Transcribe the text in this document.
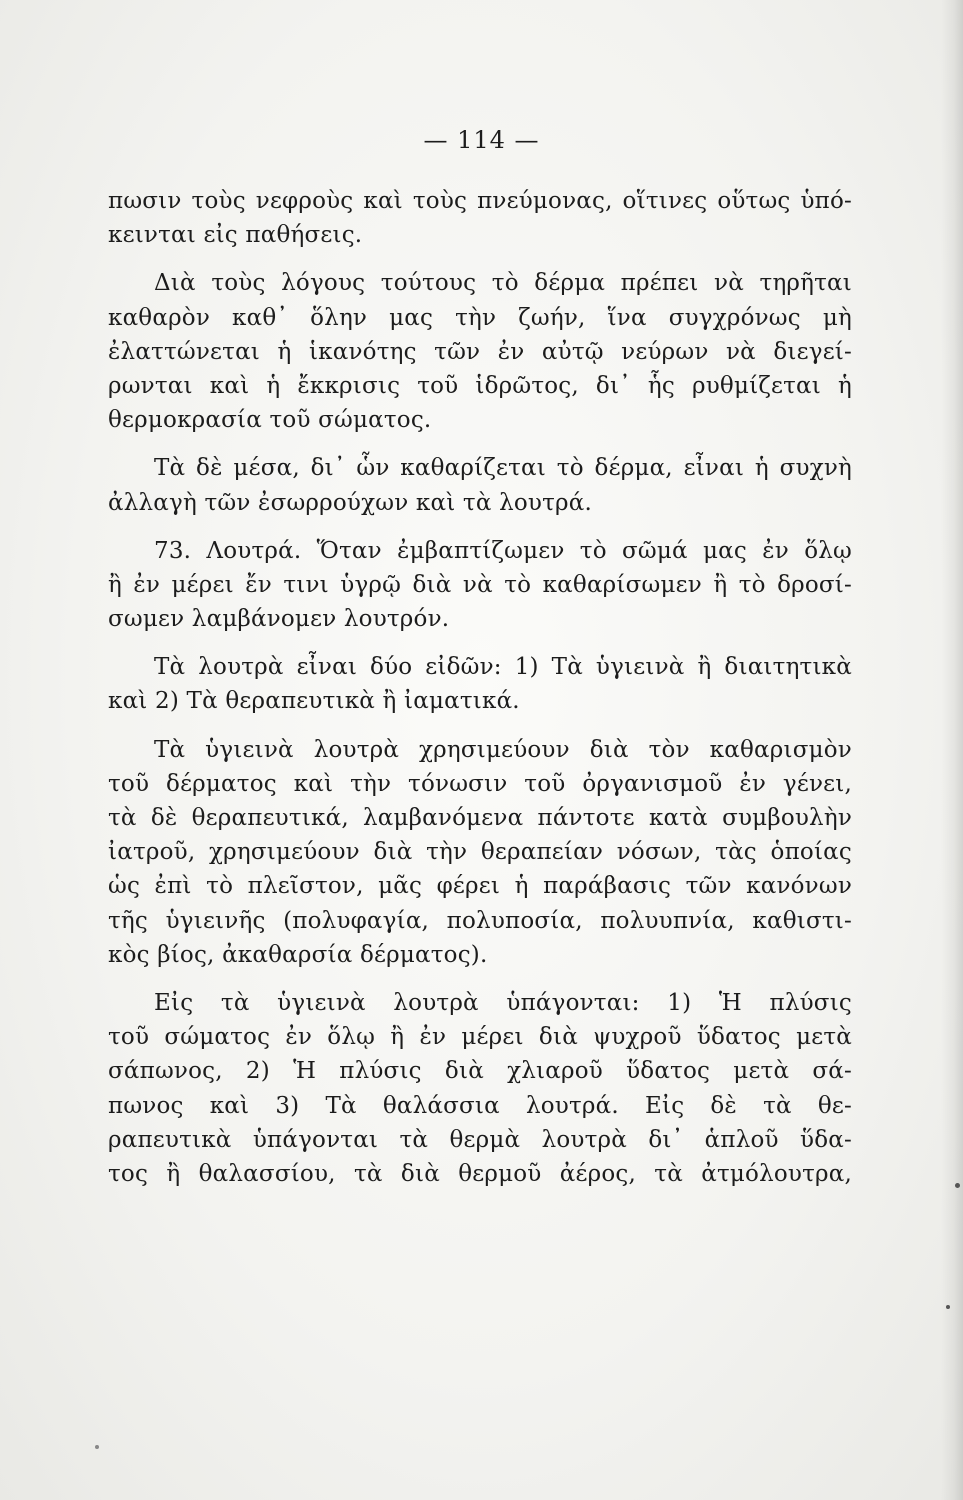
— 114 —
πωσιν τοὺς νεφροὺς καὶ τοὺς πνεύμονας, οἵτινες οὕτως ὑπό-
κεινται εἰς παθήσεις.
Διὰ τοὺς λόγους τούτους τὸ δέρμα πρέπει νὰ τηρῆται
καθαρὸν καθ᾽ ὅλην μας τὴν ζωήν, ἵνα συγχρόνως μὴ
ἐλαττώνεται ἡ ἱκανότης τῶν ἐν αὐτῷ νεύρων νὰ διεγεί-
ρωνται καὶ ἡ ἔκκρισις τοῦ ἱδρῶτος, δι᾽ ἧς ρυθμίζεται ἡ
θερμοκρασία τοῦ σώματος.
Τὰ δὲ μέσα, δι᾽ ὧν καθαρίζεται τὸ δέρμα, εἶναι ἡ συχνὴ
ἀλλαγὴ τῶν ἐσωρρούχων καὶ τὰ λουτρά.
73. Λουτρά. Ὅταν ἐμβαπτίζωμεν τὸ σῶμά μας ἐν ὅλῳ
ἢ ἐν μέρει ἔν τινι ὑγρῷ διὰ νὰ τὸ καθαρίσωμεν ἢ τὸ δροσί-
σωμεν λαμβάνομεν λουτρόν.
Τὰ λουτρὰ εἶναι δύο εἰδῶν: 1) Τὰ ὑγιεινὰ ἢ διαιτητικὰ
καὶ 2) Τὰ θεραπευτικὰ ἢ ἰαματικά.
Τὰ ὑγιεινὰ λουτρὰ χρησιμεύουν διὰ τὸν καθαρισμὸν
τοῦ δέρματος καὶ τὴν τόνωσιν τοῦ ὀργανισμοῦ ἐν γένει,
τὰ δὲ θεραπευτικά, λαμβανόμενα πάντοτε κατὰ συμβουλὴν
ἰατροῦ, χρησιμεύουν διὰ τὴν θεραπείαν νόσων, τὰς ὁποίας
ὡς ἐπὶ τὸ πλεῖστον, μᾶς φέρει ἡ παράβασις τῶν κανόνων
τῆς ὑγιεινῆς (πολυφαγία, πολυποσία, πολυυπνία, καθιστι-
κὸς βίος, ἀκαθαρσία δέρματος).
Εἰς τὰ ὑγιεινὰ λουτρὰ ὑπάγονται: 1) Ἡ πλύσις
τοῦ σώματος ἐν ὅλῳ ἢ ἐν μέρει διὰ ψυχροῦ ὕδατος μετὰ
σάπωνος, 2) Ἡ πλύσις διὰ χλιαροῦ ὕδατος μετὰ σά-
πωνος καὶ 3) Τὰ θαλάσσια λουτρά. Εἰς δὲ τὰ θε-
ραπευτικὰ ὑπάγονται τὰ θερμὰ λουτρὰ δι᾽ ἁπλοῦ ὕδα-
τος ἢ θαλασσίου, τὰ διὰ θερμοῦ ἀέρος, τὰ ἀτμόλουτρα,
